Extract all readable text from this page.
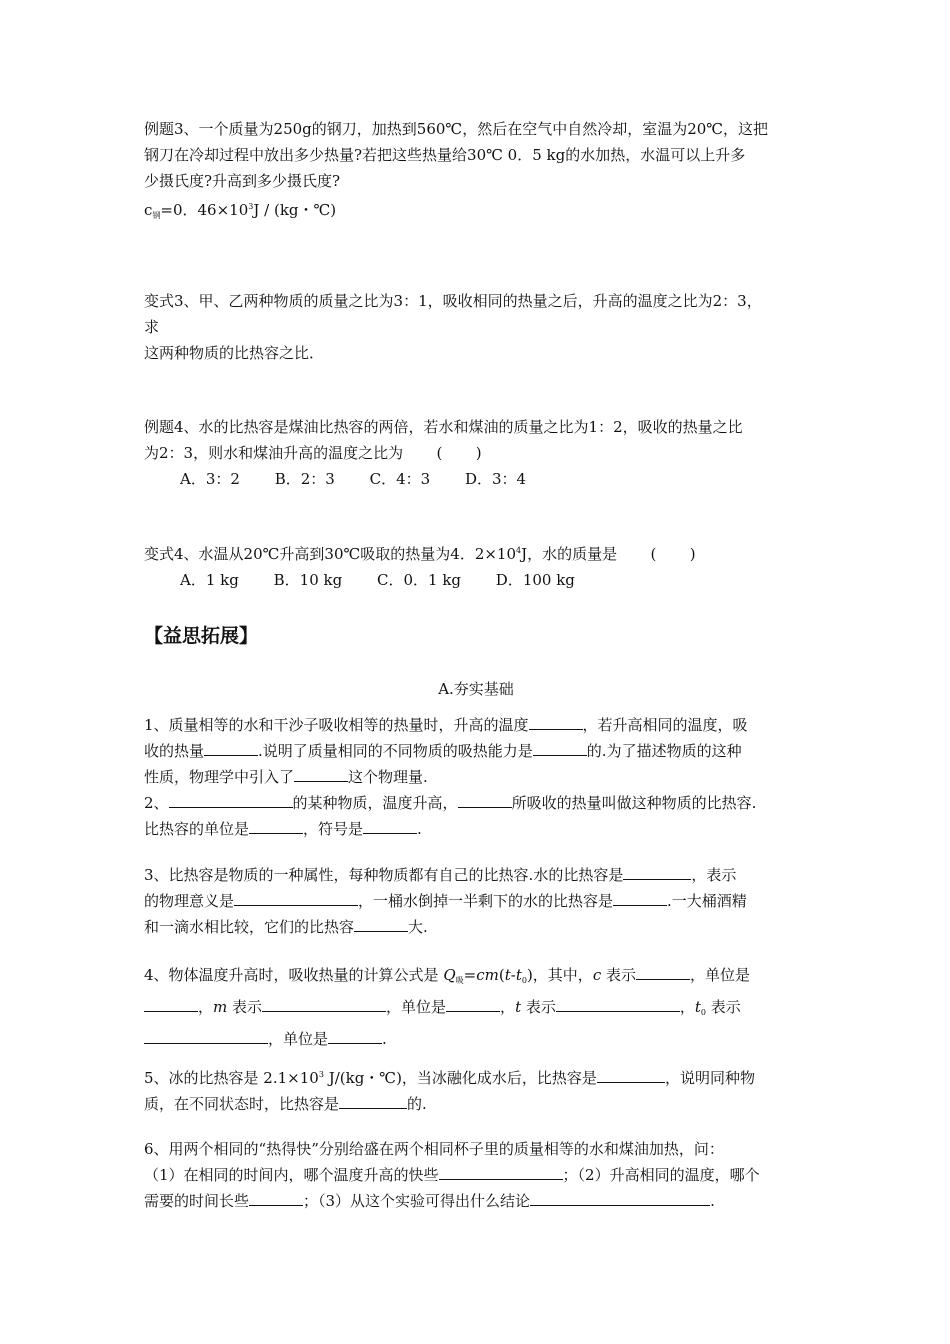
例题3、一个质量为250g的钢刀，加热到560℃，然后在空气中自然冷却，室温为20℃，这把
钢刀在冷却过程中放出多少热量?若把这些热量给30℃ 0．5 kg的水加热，水温可以上升多
少摄氏度?升高到多少摄氏度?
$c_钢=0$．$46\times 10^3J / (kg$・℃)
变式3、甲、乙两种物质的质量之比为3：1，吸收相同的热量之后，升高的温度之比为2：3，
求
这两种物质的比热容之比．
例题4、水的比热容是煤油比热容的两倍，若水和煤油的质量之比为1：2，吸收的热量之比
为2：3，则水和煤油升高的温度之比为       (       )
A．3：2 B．2：3 C．4：3 D．3：4
变式4、水温从20℃升高到30℃吸取的热量为4．$2\times 10^4J$，水的质量是       (       )
A．1 kg B．10 kg C．0．1 kg D．100 kg
【益思拓展】
A.夯实基础
1、质量相等的水和干沙子吸收相等的热量时，升高的温度	，若升高相同的温度，吸
收的热量	.说明了质量相同的不同物质的吸热能力是	的.为了描述物质的这种
性质，物理学中引入了	这个物理量.
2、	的某种物质，温度升高，	所吸收的热量叫做这种物质的比热容.
比热容的单位是	，符号是	.
3、比热容是物质的一种属性，每种物质都有自己的比热容.水的比热容是	，表示
的物理意义是	，一桶水倒掉一半剩下的水的比热容是	.一大桶酒精
和一滴水相比较，它们的比热容	大.
4、物体温度升高时，吸收热量的计算公式是 $Q_吸=cm(t-t_0)$，其中，c 表示	，单位是
，m 表示	，单位是	，t 表示	，$t_0$ 表示
，单位是	.
5、冰的比热容是 $2.1\times 10^3$ J/(kg・℃)，当冰融化成水后，比热容是	，说明同种物
质，在不同状态时，比热容是	的.
6、用两个相同的“热得快”分别给盛在两个相同杯子里的质量相等的水和煤油加热，问：
（1）在相同的时间内，哪个温度升高的快些	；（2）升高相同的温度，哪个
需要的时间长些	；（3）从这个实验可得出什么结论	.
